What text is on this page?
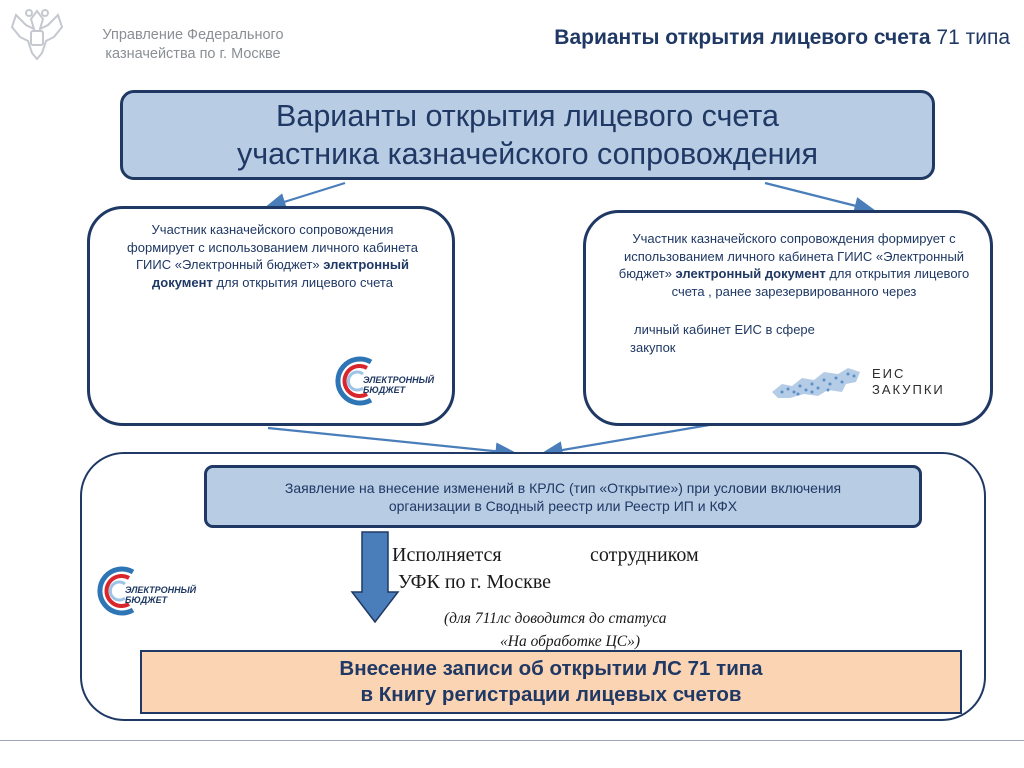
Управление Федерального
казначейства по г. Москве
Варианты открытия лицевого счета 71 типа
Варианты открытия лицевого счета
участника казначейского сопровождения
Участник казначейского сопровождения формирует с использованием личного кабинета ГИИС «Электронный бюджет» электронный документ для открытия лицевого счета
ЭЛЕКТРОННЫЙ
БЮДЖЕТ
Участник казначейского сопровождения формирует с использованием личного кабинета ГИИС «Электронный бюджет» электронный документ для открытия лицевого счета , ранее зарезервированного через
личный кабинет ЕИС в сфере
закупок
ЕИС
ЗАКУПКИ
Заявление на внесение изменений в КРЛС (тип «Открытие») при условии включения
организации в Сводный реестр или Реестр ИП и КФХ
Исполняется	сотрудником
УФК по г. Москве
(для 711лс доводится до статуса
«На обработке ЦС»)
ЭЛЕКТРОННЫЙ
БЮДЖЕТ
Внесение записи об открытии ЛС 71 типа
в Книгу регистрации лицевых счетов
